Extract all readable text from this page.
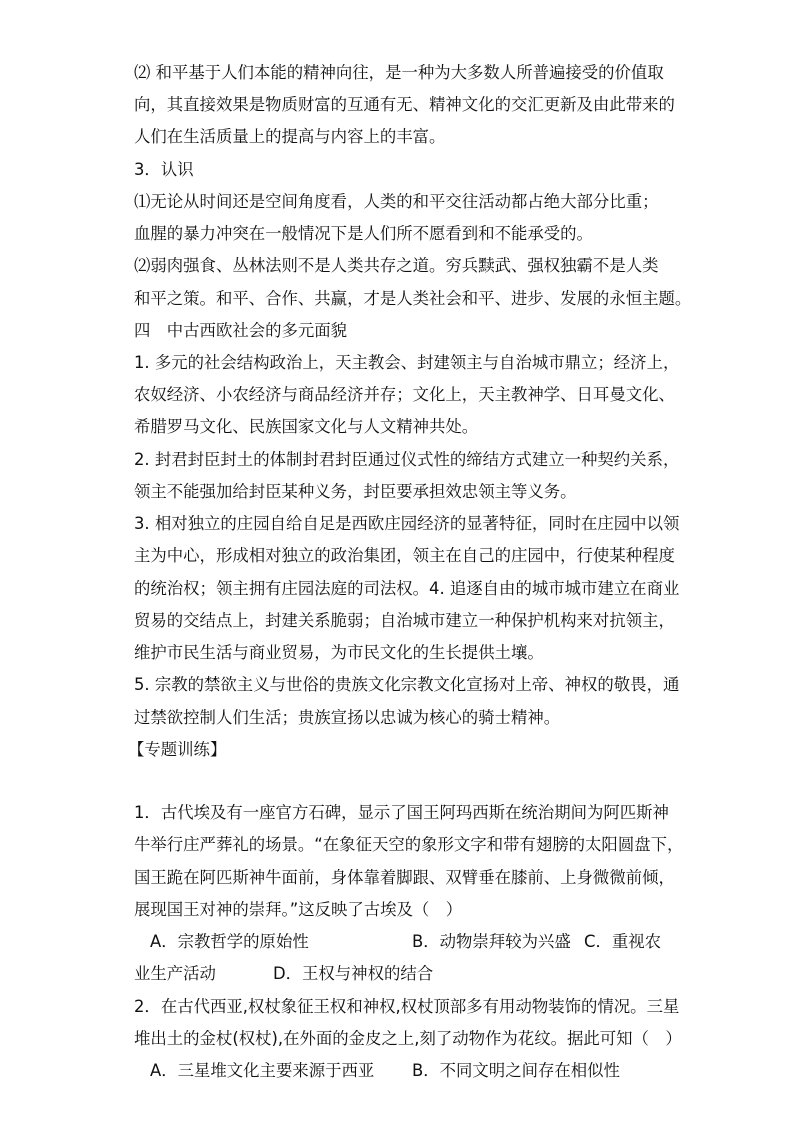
⑵ 和平基于人们本能的精神向往，是一种为大多数人所普遍接受的价值取
向，其直接效果是物质财富的互通有无、精神文化的交汇更新及由此带来的
人们在生活质量上的提高与内容上的丰富。
3．认识
⑴无论从时间还是空间角度看，人类的和平交往活动都占绝大部分比重；
血腥的暴力冲突在一般情况下是人们所不愿看到和不能承受的。
⑵弱肉强食、丛林法则不是人类共存之道。穷兵黩武、强权独霸不是人类
和平之策。和平、合作、共赢，才是人类社会和平、进步、发展的永恒主题。
四　中古西欧社会的多元面貌
1. 多元的社会结构政治上，天主教会、封建领主与自治城市鼎立；经济上，
农奴经济、小农经济与商品经济并存；文化上，天主教神学、日耳曼文化、
希腊罗马文化、民族国家文化与人文精神共处。
2. 封君封臣封土的体制封君封臣通过仪式性的缔结方式建立一种契约关系，
领主不能强加给封臣某种义务，封臣要承担效忠领主等义务。
3. 相对独立的庄园自给自足是西欧庄园经济的显著特征，同时在庄园中以领
主为中心，形成相对独立的政治集团，领主在自己的庄园中，行使某种程度
的统治权；领主拥有庄园法庭的司法权。4. 追逐自由的城市城市建立在商业
贸易的交结点上，封建关系脆弱；自治城市建立一种保护机构来对抗领主，
维护市民生活与商业贸易，为市民文化的生长提供土壤。
5. 宗教的禁欲主义与世俗的贵族文化宗教文化宣扬对上帝、神权的敬畏，通
过禁欲控制人们生活；贵族宣扬以忠诚为核心的骑士精神。
【专题训练】
1．古代埃及有一座官方石碑，显示了国王阿玛西斯在统治期间为阿匹斯神
牛举行庄严葬礼的场景。“在象征天空的象形文字和带有翅膀的太阳圆盘下，
国王跪在阿匹斯神牛面前，身体靠着脚跟、双臂垂在膝前、上身微微前倾，
展现国王对神的崇拜。”这反映了古埃及（　）
A．宗教哲学的原始性	B．动物崇拜较为兴盛 C．重视农
业生产活动	D．王权与神权的结合
2．在古代西亚,权杖象征王权和神权,权杖顶部多有用动物装饰的情况。三星
堆出土的金杖(权杖),在外面的金皮之上,刻了动物作为花纹。据此可知（　）
A．三星堆文化主要来源于西亚 B．不同文明之间存在相似性
